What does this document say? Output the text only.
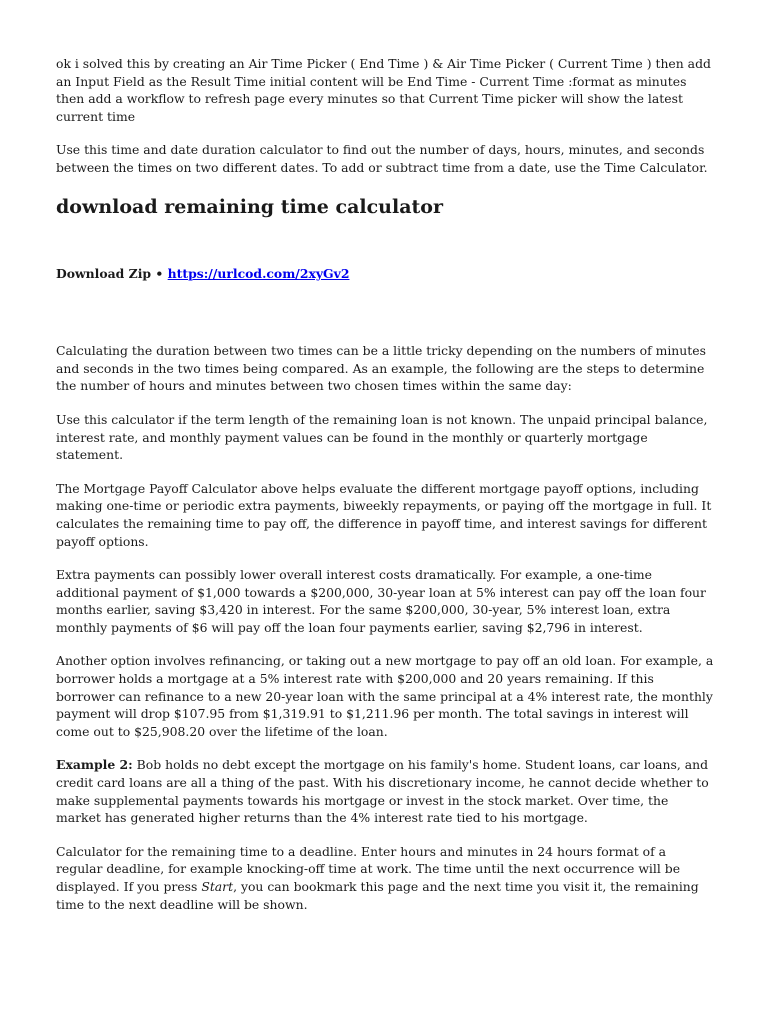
ok i solved this by creating an Air Time Picker ( End Time ) & Air Time Picker ( Current Time ) then add an Input Field as the Result Time initial content will be End Time - Current Time :format as minutes then add a workflow to refresh page every minutes so that Current Time picker will show the latest current time

Use this time and date duration calculator to find out the number of days, hours, minutes, and seconds between the times on two different dates. To add or subtract time from a date, use the Time Calculator.

download remaining time calculator
Download Zip • https://urlcod.com/2xyGv2

Calculating the duration between two times can be a little tricky depending on the numbers of minutes and seconds in the two times being compared. As an example, the following are the steps to determine the number of hours and minutes between two chosen times within the same day:

Use this calculator if the term length of the remaining loan is not known. The unpaid principal balance, interest rate, and monthly payment values can be found in the monthly or quarterly mortgage statement.

The Mortgage Payoff Calculator above helps evaluate the different mortgage payoff options, including making one-time or periodic extra payments, biweekly repayments, or paying off the mortgage in full. It calculates the remaining time to pay off, the difference in payoff time, and interest savings for different payoff options.

Extra payments can possibly lower overall interest costs dramatically. For example, a one-time additional payment of $1,000 towards a $200,000, 30-year loan at 5% interest can pay off the loan four months earlier, saving $3,420 in interest. For the same $200,000, 30-year, 5% interest loan, extra monthly payments of $6 will pay off the loan four payments earlier, saving $2,796 in interest.

Another option involves refinancing, or taking out a new mortgage to pay off an old loan. For example, a borrower holds a mortgage at a 5% interest rate with $200,000 and 20 years remaining. If this borrower can refinance to a new 20-year loan with the same principal at a 4% interest rate, the monthly payment will drop $107.95 from $1,319.91 to $1,211.96 per month. The total savings in interest will come out to $25,908.20 over the lifetime of the loan.

Example 2: Bob holds no debt except the mortgage on his family's home. Student loans, car loans, and credit card loans are all a thing of the past. With his discretionary income, he cannot decide whether to make supplemental payments towards his mortgage or invest in the stock market. Over time, the market has generated higher returns than the 4% interest rate tied to his mortgage.

Calculator for the remaining time to a deadline. Enter hours and minutes in 24 hours format of a regular deadline, for example knocking-off time at work. The time until the next occurrence will be displayed. If you press Start, you can bookmark this page and the next time you visit it, the remaining time to the next deadline will be shown.
